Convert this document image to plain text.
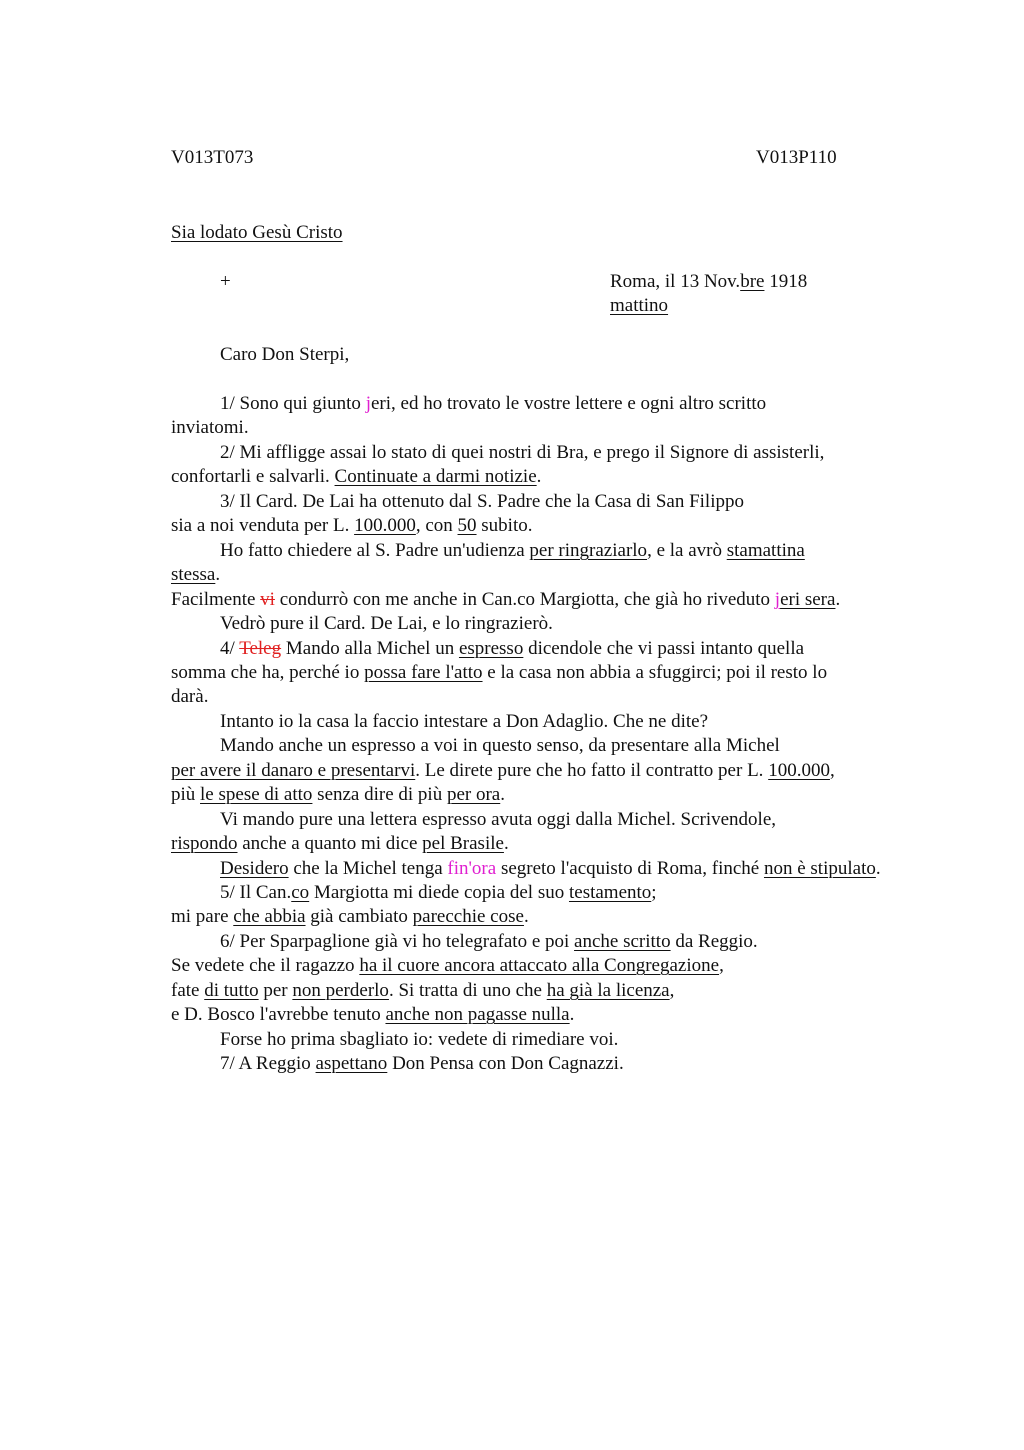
V013T073	V013P110
Sia lodato Gesù Cristo
+	Roma, il 13 Nov.bre 1918
mattino
Caro Don Sterpi,
1/ Sono qui giunto jeri, ed ho trovato le vostre lettere e ogni altro scritto
inviatomi.
2/ Mi affligge assai lo stato di quei nostri di Bra, e prego il Signore di assisterli,
confortarli e salvarli. Continuate a darmi notizie.
3/ Il Card. De Lai ha ottenuto dal S. Padre che la Casa di San Filippo
sia a noi venduta per L. 100.000, con 50 subito.
Ho fatto chiedere al S. Padre un'udienza per ringraziarlo, e la avrò stamattina
stessa.
Facilmente vi condurrò con me anche in Can.co Margiotta, che già ho riveduto jeri sera.
Vedrò pure il Card. De Lai, e lo ringrazierò.
4/ Teleg Mando alla Michel un espresso dicendole che vi passi intanto quella
somma che ha, perché io possa fare l'atto e la casa non abbia a sfuggirci; poi il resto lo
darà.
Intanto io la casa la faccio intestare a Don Adaglio. Che ne dite?
Mando anche un espresso a voi in questo senso, da presentare alla Michel
per avere il danaro e presentarvi. Le direte pure che ho fatto il contratto per L. 100.000,
più le spese di atto senza dire di più per ora.
Vi mando pure una lettera espresso avuta oggi dalla Michel. Scrivendole,
rispondo anche a quanto mi dice pel Brasile.
Desidero che la Michel tenga fin'ora segreto l'acquisto di Roma, finché non è stipulato.
5/ Il Can.co Margiotta mi diede copia del suo testamento;
mi pare che abbia già cambiato parecchie cose.
6/ Per Sparpaglione già vi ho telegrafato e poi anche scritto da Reggio.
Se vedete che il ragazzo ha il cuore ancora attaccato alla Congregazione,
fate di tutto per non perderlo. Si tratta di uno che ha già la licenza,
e D. Bosco l'avrebbe tenuto anche non pagasse nulla.
Forse ho prima sbagliato io: vedete di rimediare voi.
7/ A Reggio aspettano Don Pensa con Don Cagnazzi.
